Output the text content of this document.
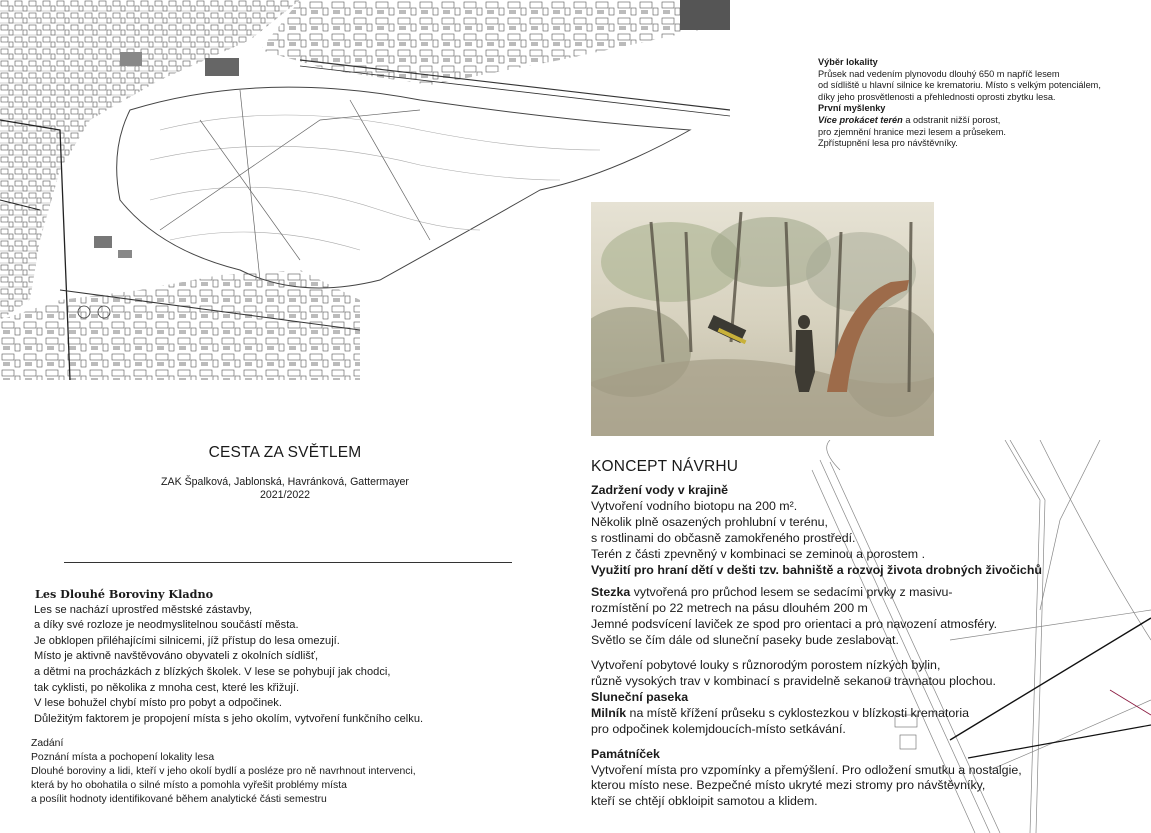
Výběr lokality
Průsek nad vedením plynovodu dlouhý 650 m napříč lesem
od sídliště u hlavní silnice ke krematoriu. Místo s velkým potenciálem,
díky jeho prosvětlenosti a přehlednosti oprosti zbytku lesa.
První myšlenky
Více prokácet terén a odstranit nižší porost,
pro zjemnění hranice mezi lesem a průsekem.
Zpřístupnění lesa pro návštěvníky.
CESTA ZA SVĚTLEM
ZAK Špalková, Jablonská, Havránková, Gattermayer
2021/2022
Les Dlouhé Boroviny Kladno
Les se nachází uprostřed městské zástavby,
a díky své rozloze je neodmyslitelnou součástí města.
Je obklopen přiléhajícími silnicemi, jíž přístup do lesa omezují.
Místo je aktivně navštěvováno obyvateli z okolních sídlišť,
a dětmi na procházkách z blízkých školek. V lese se pohybují jak chodci,
tak cyklisti, po několika z mnoha cest, které les křižují.
V lese bohužel chybí místo pro pobyt a odpočinek.
Důležitým faktorem je propojení místa s jeho okolím, vytvoření funkčního celku.
Zadání
Poznání místa a pochopení lokality lesa
Dlouhé boroviny a lidi, kteří v jeho okolí bydlí a posléze pro ně navrhnout intervenci,
která by ho obohatila o silné místo a pomohla vyřešit problémy místa
a posílit hodnoty identifikované během analytické části semestru
KONCEPT NÁVRHU
Zadržení vody v krajině
Vytvoření vodního biotopu na 200 m².
Několik plně osazených prohlubní v terénu,
s rostlinami do občasně zamokřeného prostředí.
Terén z části zpevněný v kombinaci se zeminou a porostem .
Využití pro hraní dětí v dešti tzv. bahniště a rozvoj života drobných živočichů
Stezka vytvořená pro průchod lesem se sedacími prvky z masivu-
rozmístění po 22 metrech na pásu dlouhém 200 m
Jemné podsvícení laviček ze spod pro orientaci a pro navození atmosféry.
Světlo se čím dále od sluneční paseky bude zeslabovat.
Vytvoření pobytové louky s různorodým porostem nízkých bylin,
různě vysokých trav v kombinací s pravidelně sekanou travnatou plochou.
Sluneční paseka
Milník na místě křížení průseku s cyklostezkou v blízkosti krematoria
pro odpočinek kolemjdoucích-místo setkávání.
Památníček
Vytvoření místa pro vzpomínky a přemýšlení. Pro odložení smutku a nostalgie,
kterou místo nese. Bezpečné místo ukryté mezi stromy pro návštěvníky,
kteří se chtějí obkloipit samotou a klidem.
